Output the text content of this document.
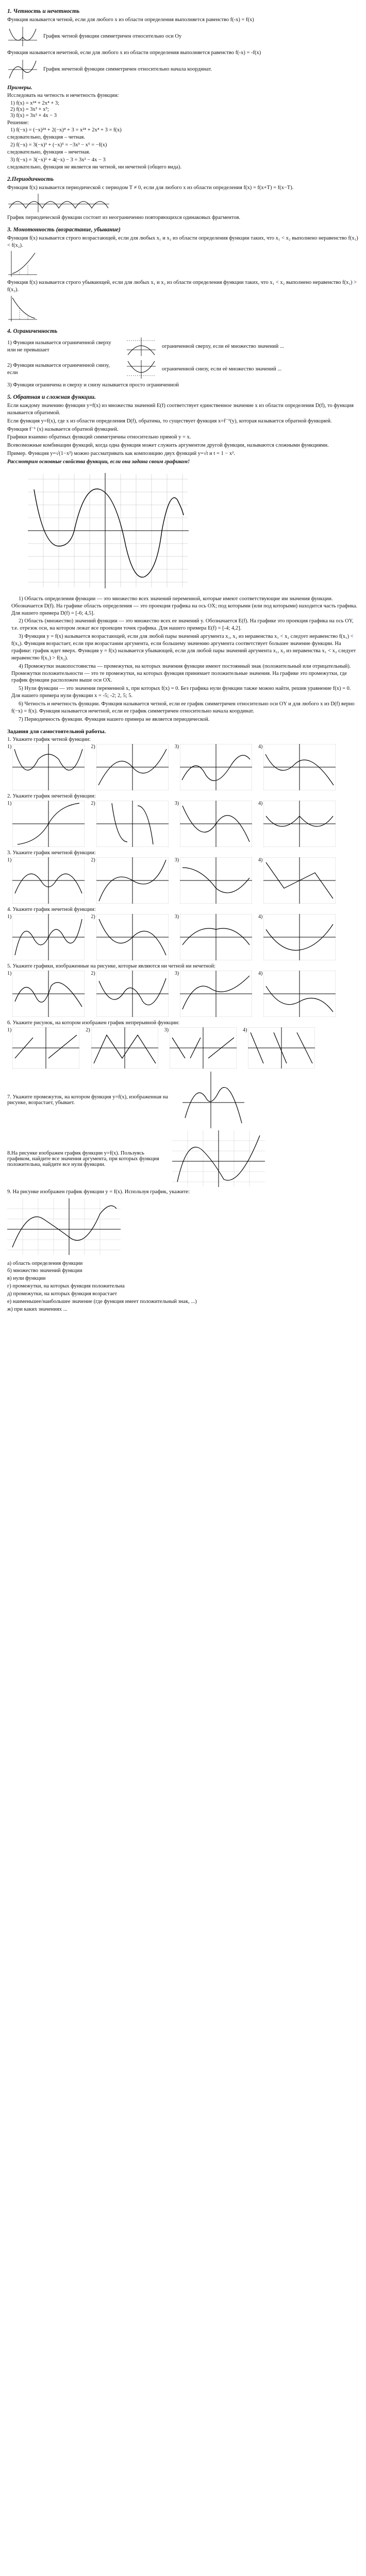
1. Четность и нечетность
Функция называется четной, если для любого x из области определения выполняется равенство f(-x) = f(x)
График четной функции симметричен относительно оси Oy
Функция называется нечетной, если для любого x из области определения выполняется равенство f(-x) = -f(x)
График нечетной функции симметричен относительно начала координат.
Примеры.
Исследовать на четность и нечетность функции:
1) f(x) = x²⁴ + 2x⁴ + 3;
2) f(x) = 3x³ + x⁵;
3) f(x) = 3x² + 4x − 3
Решение:
1) f(−x) = (−x)²⁴ + 2(−x)⁴ + 3 = x²⁴ + 2x⁴ + 3 = f(x)
следовательно, функция – четная.
2) f(−x) = 3(−x)³ + (−x)⁵ = −3x³ − x⁵ = −f(x)
следовательно, функция – нечетная.
3) f(−x) = 3(−x)² + 4(−x) − 3 = 3x² − 4x − 3
следовательно, функция не является ни четной, ни нечетной (общего вида).
2.Периодичность
Функция f(x) называется периодической с периодом T ≠ 0, если для любого x из области определения f(x) = f(x+T) = f(x−T).
График периодической функции состоит из неограниченно повторяющихся одинаковых фрагментов.
3. Монотонность (возрастание, убывание)
Функция f(x) называется строго возрастающей, если для любых x₁ и x₂ из области определения функции таких, что x₁ < x₂ выполнено неравенство f(x₁) < f(x₂).
Функция f(x) называется строго убывающей, если для любых x₁ и x₂ из области определения функции таких, что x₁ < x₂ выполнено неравенство f(x₁) > f(x₂).
4. Ограниченность
1) Функция называется ограниченной сверху или не превышает
ограниченной сверху, если её множество значений ...
2) Функция называется ограниченной снизу, если
ограниченной снизу, если её множество значений ...
3) Функция ограничена и сверху и снизу называется просто ограниченной
5. Обратная и сложная функции.
Если каждому значению функции y=f(x) из множества значений E(f) соответствует единственное значение x из области определения D(f), то функция называется обратимой.
Если функция y=f(x), где x из области определения D(f), обратима, то существует функция x=f⁻¹(y), которая называется обратной функцией.
Функция f⁻¹ (x) называется обратной функцией.
Графики взаимно обратных функций симметричны относительно прямой y = x.
Всевозможные комбинации функций, когда одна функция может служить аргументом другой функции, называются сложными функциями.
Пример. Функция y=√(1−x²) можно рассматривать как композицию двух функций y=√t и t = 1 − x².
Рассмотрим основные свойства функции, если она задана своим графиком!
1) Область определения функции — это множество всех значений переменной, которые имеют соответствующие им значения функции. Обозначается D(f). На графике область определения — это проекция графика на ось OX; под которыми (или под которыми) находится часть графика. Для нашего примера D(f) = [-6; 4,5].
2) Область (множество) значений функции — это множество всех ее значений y. Обозначается E(f). На графике это проекция графика на ось OY, т.е. отрезок оси, на котором лежат все проекции точек графика. Для нашего примера E(f) = [-4; 4,2].
3) Функция y = f(x) называется возрастающей, если для любой пары значений аргумента x₁, x₂ из неравенства x₁ < x₂ следует неравенство f(x₁) < f(x₂). Функция возрастает, если при возрастании аргумента, если большему значению аргумента соответствует большее значение функции. На графике: график идет вверх. Функция y = f(x) называется убывающей, если для любой пары значений аргумента x₁, x₂ из неравенства x₁ < x₂ следует неравенство f(x₁) > f(x₂).
4) Промежутки знакопостоянства — промежутки, на которых значения функции имеют постоянный знак (положительный или отрицательный). Промежутки положительности — это те промежутки, на которых функция принимает положительные значения. На графике это промежутки, где график функции расположен выше оси OX.
5) Нули функции — это значения переменной x, при которых f(x) = 0. Без графика нули функции также можно найти, решив уравнение f(x) = 0. Для нашего примера нули функции x = -5; -2; 2, 5; 5.
6) Четность и нечетность функции. Функция называется четной, если ее график симметричен относительно оси OY и для любого x из D(f) верно f(−x) = f(x). Функция называется нечетной, если ее график симметричен относительно начала координат.
7) Периодичность функции. Функция нашего примера не является периодической.
Задания для самостоятельной работы.
1. Укажите график четной функции:
1)	2)	3)	4)
2. Укажите график нечетной функции:
1)	2)	3)	4)
3. Укажите график нечетной функции:
1)	2)	3)	4)
4. Укажите график нечетной функции:
1)	2)	3)	4)
5. Укажите графики, изображенные на рисунке, которые являются ни четной ни нечетной:
1)	2)	3)	4)
6. Укажите рисунок, на котором изображен график непрерывной функции:
1)	2)	3)	4)
7. Укажите промежуток, на котором функция y=f(x), изображенная на рисунке, возрастает, убывает.
8.На рисунке изображен график функции y=f(x). Пользуясь графиком, найдите все значения аргумента, при которых функция положительна, найдите все нули функции.
9. На рисунке изображен график функции y = f(x). Используя график, укажите:
а) область определения функции
б) множество значений функции
в) нули функции
г) промежутки, на которых функция положительна
д) промежутки, на которых функция возрастает
е) наименьшее/наибольшее значение (где функция имеет положительный знак, ...)
ж) при каких значениях ...
